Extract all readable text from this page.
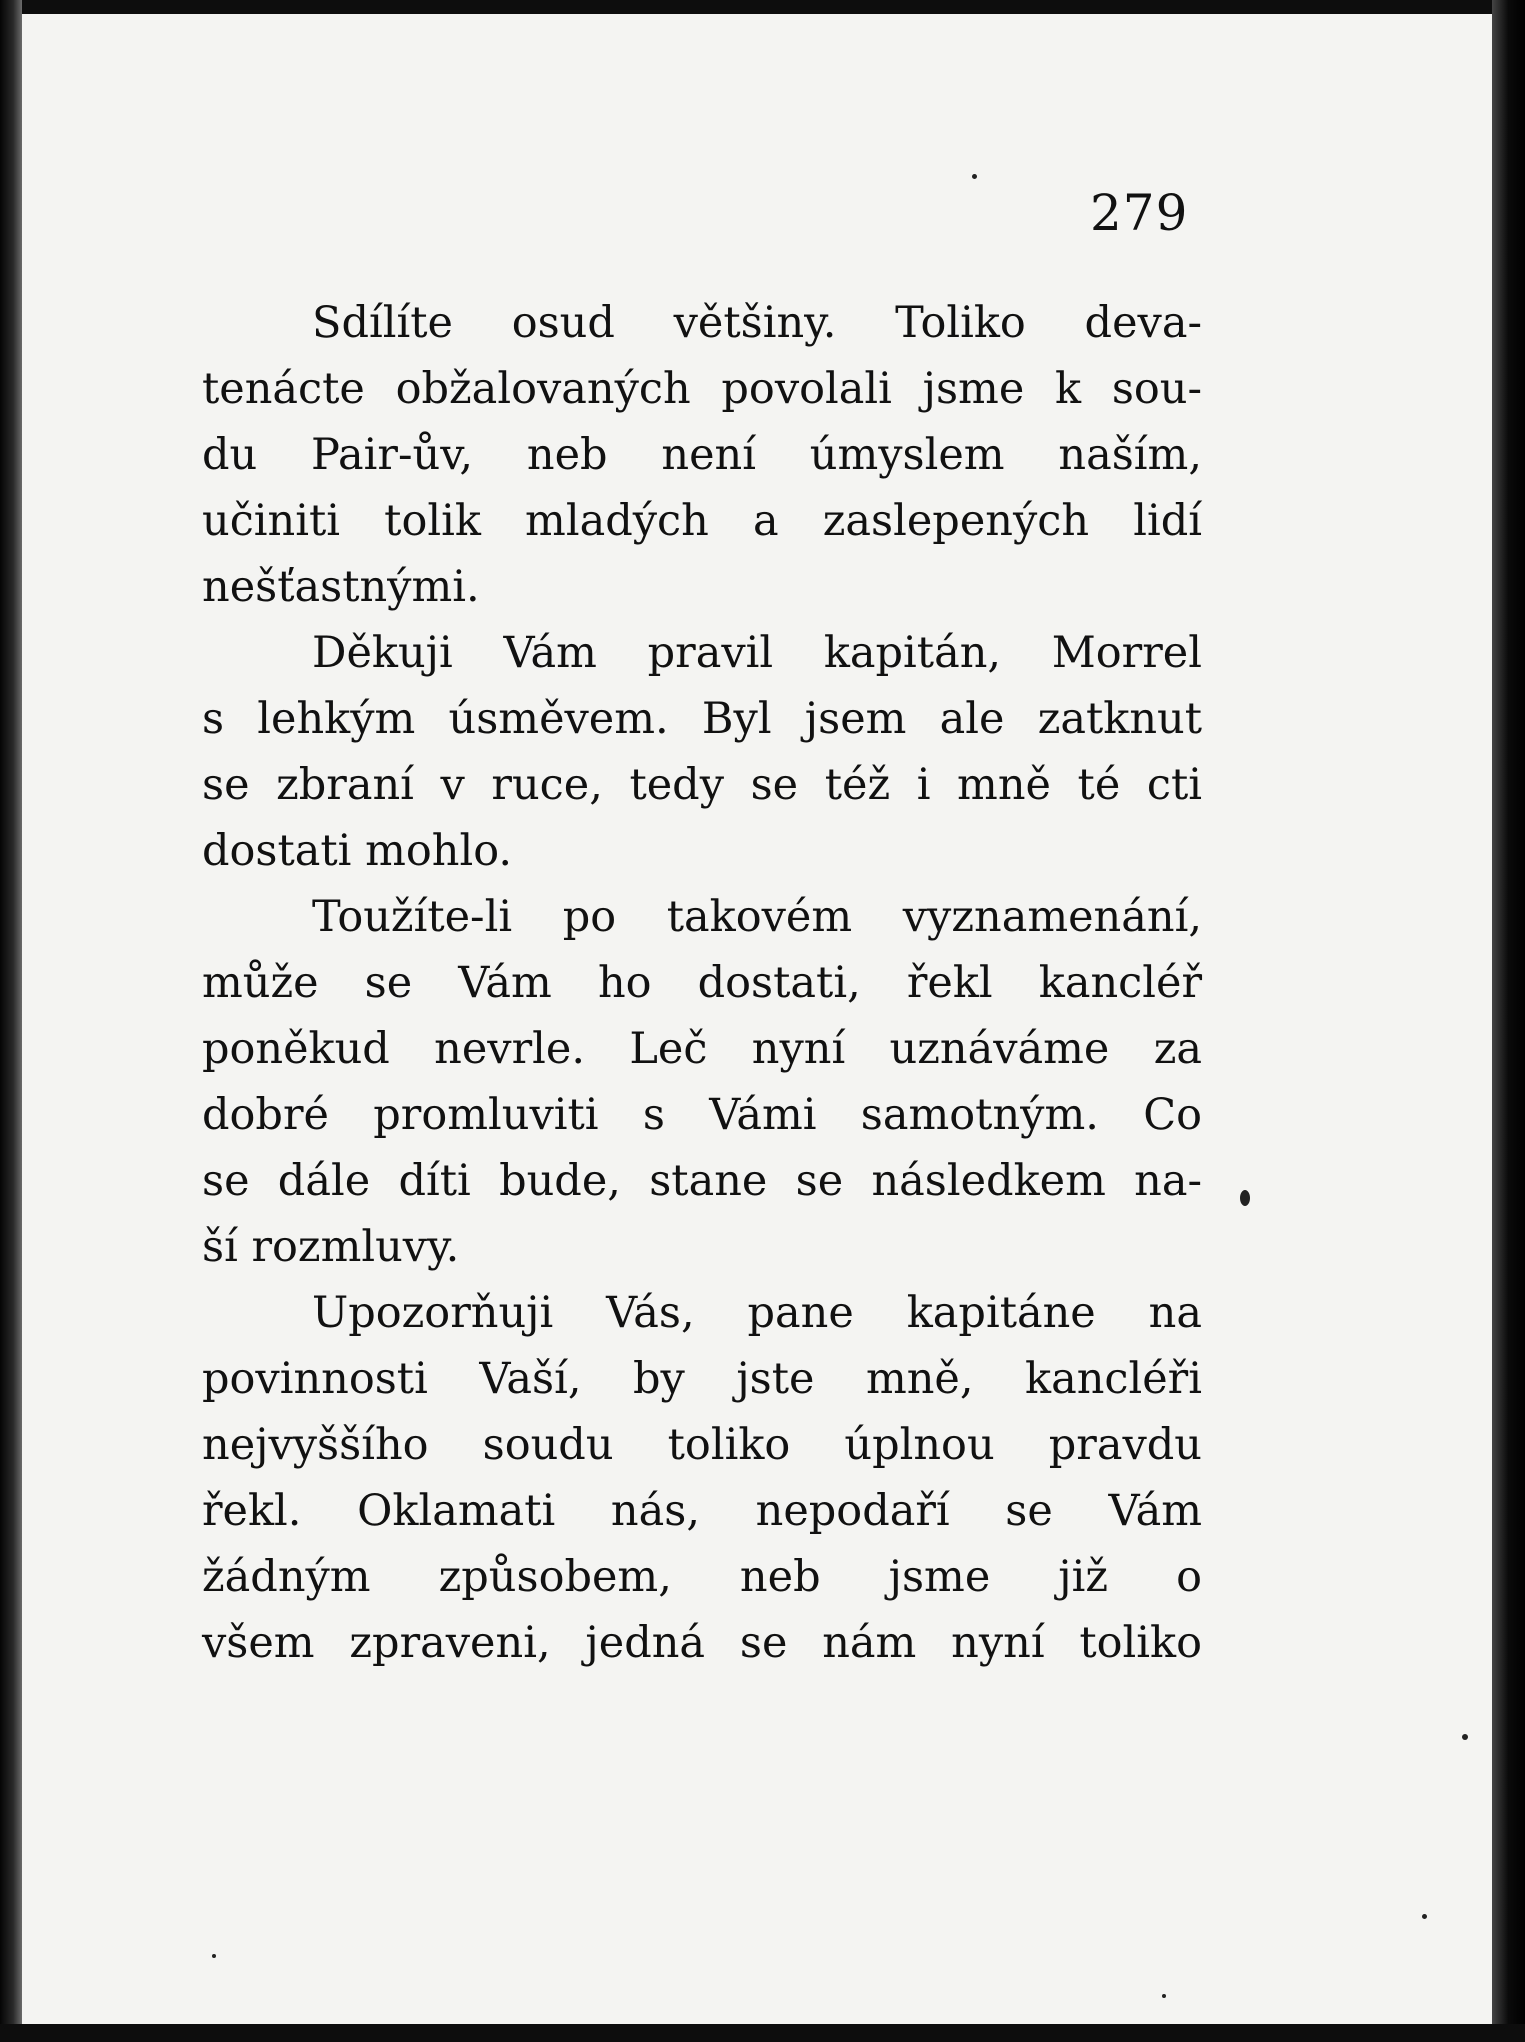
279
Sdílíte osud většiny. Toliko deva-
tenácte obžalovaných povolali jsme k sou-
du Pair-ův, neb není úmyslem naším,
učiniti tolik mladých a zaslepených lidí
nešťastnými.
Děkuji Vám pravil kapitán, Morrel
s lehkým úsměvem. Byl jsem ale zatknut
se zbraní v ruce, tedy se též i mně té cti
dostati mohlo.
Toužíte-li po takovém vyznamenání,
může se Vám ho dostati, řekl kancléř
poněkud nevrle. Leč nyní uznáváme za
dobré promluviti s Vámi samotným. Co
se dále díti bude, stane se následkem na-
ší rozmluvy.
Upozorňuji Vás, pane kapitáne na
povinnosti Vaší, by jste mně, kancléři
nejvyššího soudu toliko úplnou pravdu
řekl. Oklamati nás, nepodaří se Vám
žádným způsobem, neb jsme již o
všem zpraveni, jedná se nám nyní toliko
